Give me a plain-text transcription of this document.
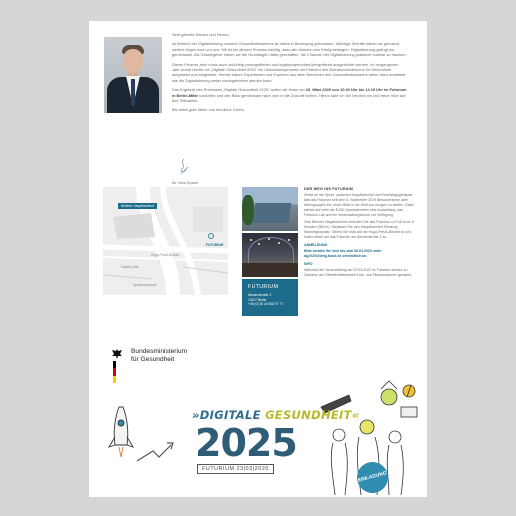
Sehr geehrte Damen und Herren,

im Bereich der Digitalisierung unseres Gesundheitswesens ist vieles in Bewegung gekommen. Wichtige Schritte haben wir gemacht, weitere liegen noch vor uns. Mir ist bei diesem Prozess wichtig, dass alle Akteure zum Erfolg beitragen. Digitalisierung gelingt nur gemeinsam. Als Gesetzgeber haben wir die Grundlagen dafür geschaffen, die Chancen der Digitalisierung praktisch nutzbar zu machen.

Dieser Prozess aber muss auch zukünftig vorangetrieben und legislaturperiodenübergreifend ausgerichtet werden. Im vergangenen Jahr wurde hierfür mit „Digitale Gesundheit 2025“ ein Diskussionsprozess mit Partnern des Bundesministeriums für Gesundheit aufgesetzt und eingeleitet. Hierbei haben Expertinnen und Experten aus allen Bereichen des Gesundheitswesens Ideen dazu erarbeitet, wie die Digitalisierung weiter vorangetrieben werden kann.

Das Ergebnis des Prozesses „Digitale Gesundheit 2025“ wollen wir Ihnen am 23. März 2020 von 10.00 Uhr bis 14.15 Uhr im Futurium in Berlin-Mitte vorstellen und den Blick gemeinsam nach vorn in die Zukunft richten. Hierzu lade ich Sie herzlich ein und freue mich auf Ihre Teilnahme.

Bis dahin gute Ideen und herzliche Grüße,

Ihr Jens Spahn
Berliner Hauptbahnhof
FUTURIUM
Hugo-Preuß-Brücke
Kapelle-Ufer
Spreebogenpark	FUTURIUM
Alexanderufer 2
10117 Berlin
+49 (0) 30 40 818 97 77
DER WEG INS FUTURIUM

Direkt an der Spree, zwischen Hauptbahnhof und Reichstagsgebäude, lädt das Futurium seit dem 5. September 2019 Besucherinnen aller Altersgruppen ein, einen Blick in die Welt von morgen zu werfen. Dafür stehen auf mehr als 5.000 Quadratmetern eine Ausstellung, das Futurium Lab und ein Veranstaltungsforum zur Verfügung.

Vom Berliner Hauptbahnhof erreichen Sie das Futurium zu Fuß in ca. 5 Minuten (350 m). Verlassen Sie den Hauptbahnhof Richtung Washingtonplatz. Gehen Sie links auf die Hugo-Preuß-Brücke zu und laufen direkt auf das Futurium am Alexanderufer 2 zu.

ANMELDUNG

Bitte melden Sie sich bis zum 08.03.2020 unter dg2025@bmg.bund.de verbindlich an.

INFO

Während der Veranstaltung am 23.03.2020 im Futurium werden zu Zwecken der Öffentlichkeitsarbeit Foto- und Filmaufnahmen gemacht.

Bundesministerium
für Gesundheit
»DIGITALE GESUNDHEIT«
2025
FUTURIUM 23|03|2020
EINLADUNG
